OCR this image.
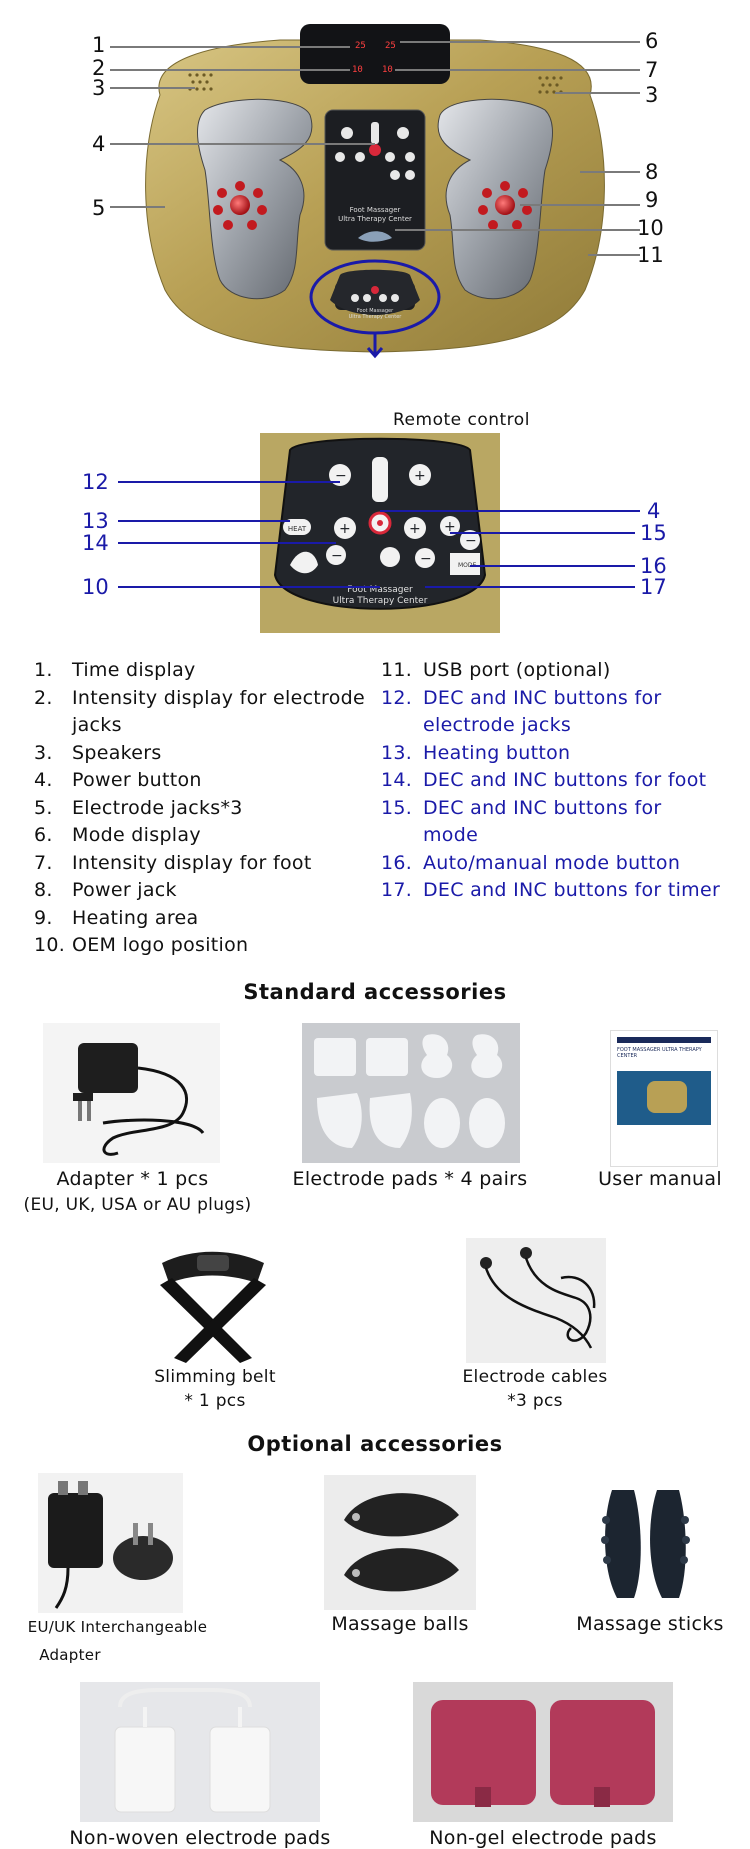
25 25
10 10
Foot Massager
Ultra Therapy Center
Foot Massager
Ultra Therapy Center
1
2
3
4
5
6
7
3
8
9
10
11
Remote control
−	+
+	+
−
+
−
−
HEAT
MODE
Foot Massager
Ultra Therapy Center
12
13
14
10
4
15
16
17
1. Time display
2. Intensity display for electrode jacks
3. Speakers
4. Power button
5. Electrode jacks*3
6. Mode display
7. Intensity display for foot
8. Power jack
9. Heating area
10. OEM logo position
11. USB port (optional)
12. DEC and INC buttons for electrode jacks
13. Heating button
14. DEC and INC buttons for foot
15. DEC and INC buttons for mode
16. Auto/manual mode button
17. DEC and INC buttons for timer
Standard accessories
Adapter * 1 pcs
(EU, UK, USA or AU plugs)
Electrode pads * 4 pairs
FOOT MASSAGER ULTRA THERAPY CENTER
User manual
Slimming belt
* 1 pcs
Electrode cables
*3 pcs
Optional accessories
EU/UK Interchangeable
Adapter
Massage balls	Massage sticks
Non-woven electrode pads	Non-gel electrode pads
